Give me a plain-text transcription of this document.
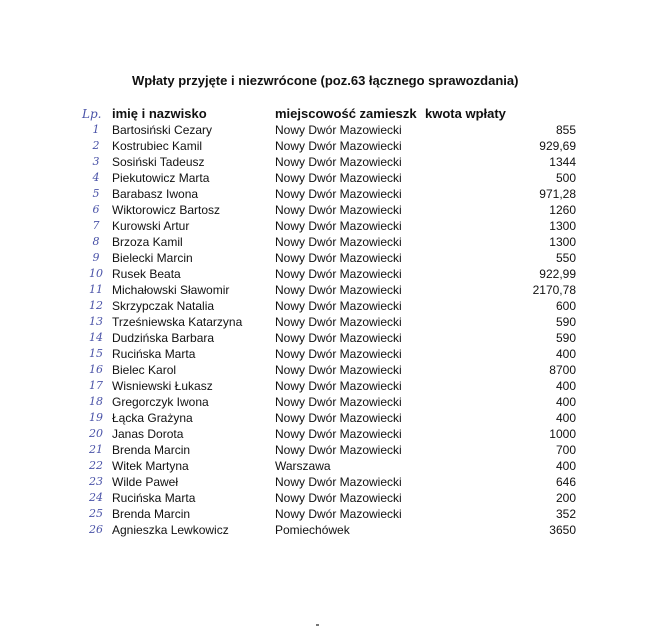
Wpłaty przyjęte i niezwrócone (poz.63 łącznego sprawozdania)
Lp. imię i nazwisko	miejscowość zamieszk kwota wpłaty
1	Bartosiński Cezary	Nowy Dwór Mazowiecki	855
2	Kostrubiec Kamil	Nowy Dwór Mazowiecki	929,69
3	Sosiński Tadeusz	Nowy Dwór Mazowiecki	1344
4	Piekutowicz Marta	Nowy Dwór Mazowiecki	500
5	Barabasz Iwona	Nowy Dwór Mazowiecki	971,28
6	Wiktorowicz Bartosz	Nowy Dwór Mazowiecki	1260
7	Kurowski Artur	Nowy Dwór Mazowiecki	1300
8	Brzoza Kamil	Nowy Dwór Mazowiecki	1300
9	Bielecki Marcin	Nowy Dwór Mazowiecki	550
10 Rusek Beata	Nowy Dwór Mazowiecki	922,99
11 Michałowski Sławomir	Nowy Dwór Mazowiecki	2170,78
12 Skrzypczak Natalia	Nowy Dwór Mazowiecki	600
13 Trześniewska Katarzyna	Nowy Dwór Mazowiecki	590
14 Dudzińska Barbara	Nowy Dwór Mazowiecki	590
15 Rucińska Marta	Nowy Dwór Mazowiecki	400
16 Bielec Karol	Nowy Dwór Mazowiecki	8700
17 Wisniewski Łukasz	Nowy Dwór Mazowiecki	400
18 Gregorczyk Iwona	Nowy Dwór Mazowiecki	400
19 Łącka Grażyna	Nowy Dwór Mazowiecki	400
20 Janas Dorota	Nowy Dwór Mazowiecki	1000
21 Brenda Marcin	Nowy Dwór Mazowiecki	700
22 Witek Martyna	Warszawa	400
23 Wilde Paweł	Nowy Dwór Mazowiecki	646
24 Rucińska Marta	Nowy Dwór Mazowiecki	200
25 Brenda Marcin	Nowy Dwór Mazowiecki	352
26 Agnieszka Lewkowicz	Pomiechówek	3650
